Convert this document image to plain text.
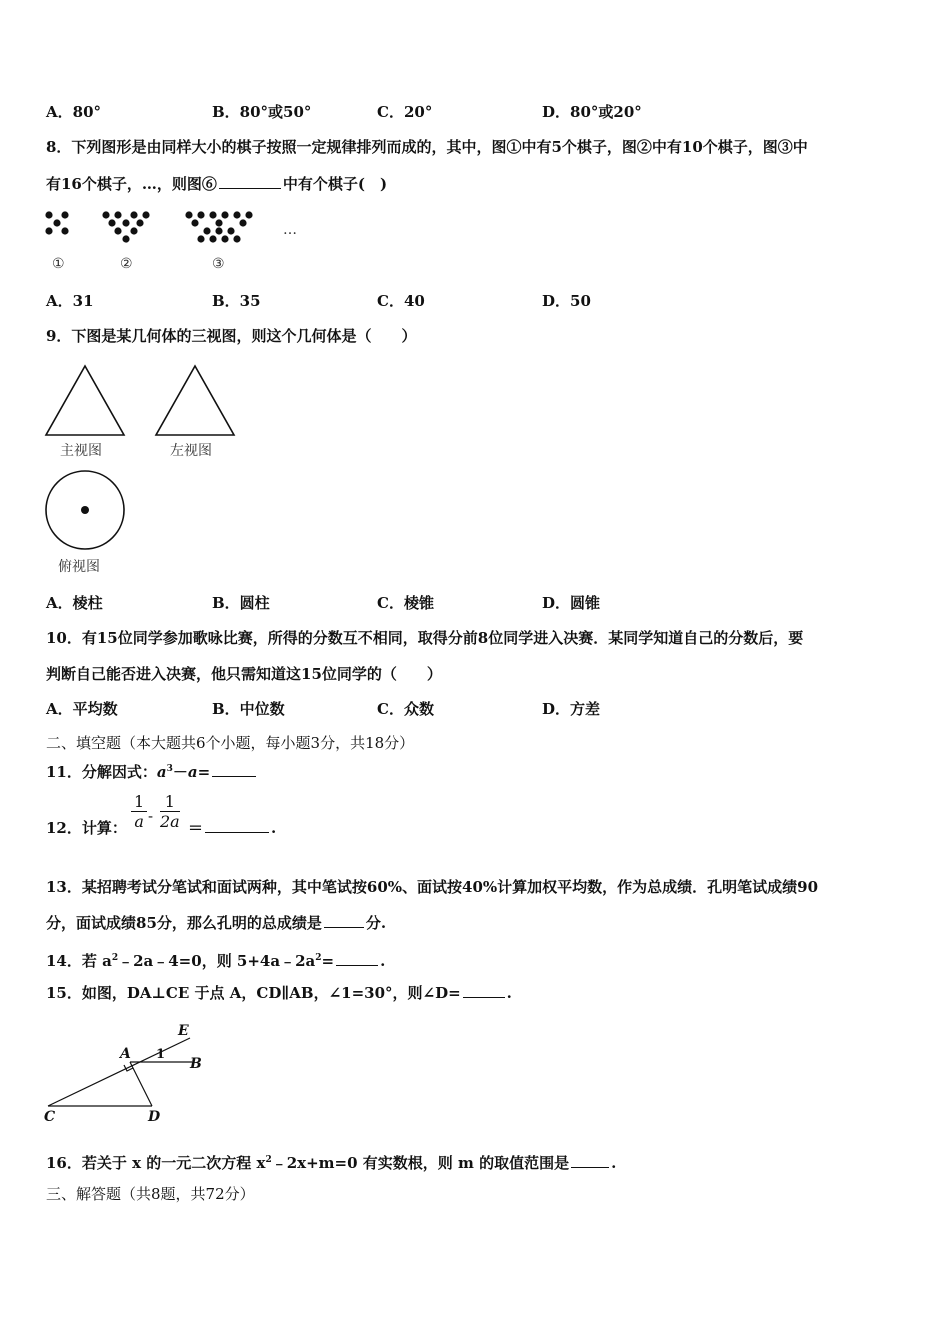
A．80°	B．80°或50°	C．20°	D．80°或20°
8．下列图形是由同样大小的棋子按照一定规律排列而成的，其中，图①中有5个棋子，图②中有10个棋子，图③中
有16个棋子，…，则图⑥	中有个棋子(　)
…
①	②	③
A．31	B．35	C．40	D．50
9．下图是某几何体的三视图，则这个几何体是（　　）
主视图	左视图
俯视图
A．棱柱	B．圆柱	C．棱锥	D．圆锥
10．有15位同学参加歌咏比赛，所得的分数互不相同，取得分前8位同学进入决赛．某同学知道自己的分数后，要
判断自己能否进入决赛，他只需知道这15位同学的（　　）
A．平均数	B．中位数	C．众数	D．方差
二、填空题（本大题共6个小题，每小题3分，共18分）
11．分解因式：$a^3-a=$
12．计算： $\frac{1}{a} - \frac{1}{2a}$ ＝	.
13．某招聘考试分笔试和面试两种，其中笔试按60%、面试按40%计算加权平均数，作为总成绩．孔明笔试成绩90
分，面试成绩85分，那么孔明的总成绩是	分.
14．若 $a^2﹣2a﹣4=0$，则 $5+4a﹣2a^2=$	.
15．如图，DA⊥CE 于点 A，CD∥AB，∠1=30°，则∠D=	.
E
A
B
C	D
1
16．若关于 x 的一元二次方程 $x^2﹣2x+m=0$ 有实数根，则 m 的取值范围是	.
三、解答题（共8题，共72分）
